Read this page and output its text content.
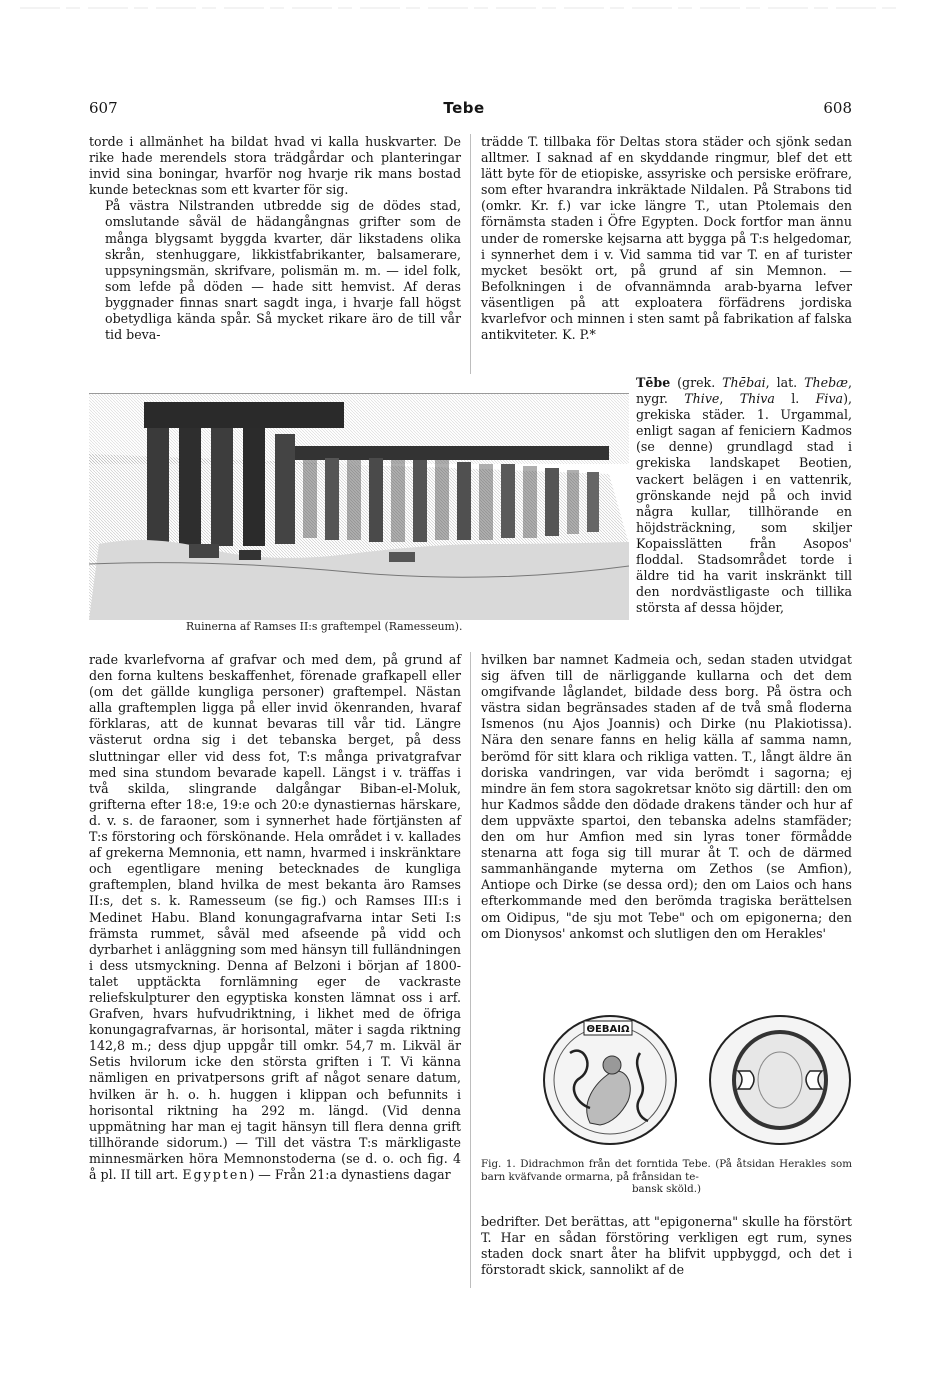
607	Tebe	608

torde i allmänhet ha bildat hvad vi kalla huskvarter. De rike hade merendels stora trädgårdar och planteringar invid sina boningar, hvarför nog hvarje rik mans bostad kunde betecknas som ett kvarter för sig.

På västra Nilstranden utbredde sig de dödes stad, omslutande såväl de hädangångnas grifter som de många blygsamt byggda kvarter, där likstadens olika skrån, stenhuggare, likkistfabrikanter, balsamerare, uppsyningsmän, skrifvare, polismän m. m. — idel folk, som lefde på döden — hade sitt hemvist. Af deras byggnader finnas snart sagdt inga, i hvarje fall högst obetydliga kända spår. Så mycket rikare äro de till vår tid beva-

trädde T. tillbaka för Deltas stora städer och sjönk sedan alltmer. I saknad af en skyddande ringmur, blef det ett lätt byte för de etiopiske, assyriske och persiske eröfrare, som efter hvarandra inkräktade Nildalen. På Strabons tid (omkr. Kr. f.) var icke längre T., utan Ptolemais den förnämsta staden i Öfre Egypten. Dock fortfor man ännu under de romerske kejsarna att bygga på T:s helgedomar, i synnerhet dem i v. Vid samma tid var T. en af turister mycket besökt ort, på grund af sin Memnon. — Befolkningen i de ofvannämnda arab-byarna lefver väsentligen på att exploatera förfädrens jordiska kvarlefvor och minnen i sten samt på fabrikation af falska antikviteter. K. P.*

Ruinerna af Ramses II:s graftempel (Ramesseum).
Tēbe (grek. Thēbai, lat. Thebæ, nygr. Thive, Thiva l. Fiva), grekiska städer. 1. Urgammal, enligt sagan af feniciern Kadmos (se denne) grundlagd stad i grekiska landskapet Beotien, vackert belägen i en vattenrik, grönskande nejd på och invid några kullar, tillhörande en höjdsträckning, som skiljer Kopaisslätten från Asopos' floddal. Stadsområdet torde i äldre tid ha varit inskränkt till den nordvästligaste och tillika största af dessa höjder,

rade kvarlefvorna af grafvar och med dem, på grund af den forna kultens beskaffenhet, förenade grafkapell eller (om det gällde kungliga personer) graftempel. Nästan alla graftemplen ligga på eller invid ökenranden, hvaraf förklaras, att de kunnat bevaras till vår tid. Längre västerut ordna sig i det tebanska berget, på dess sluttningar eller vid dess fot, T:s många privatgrafvar med sina stundom bevarade kapell. Längst i v. träffas i två skilda, slingrande dalgångar Biban-el-Moluk, grifterna efter 18:e, 19:e och 20:e dynastiernas härskare, d. v. s. de faraoner, som i synnerhet hade förtjänsten af T:s förstoring och förskönande. Hela området i v. kallades af grekerna Memnonia, ett namn, hvarmed i inskränktare och egentligare mening betecknades de kungliga graftemplen, bland hvilka de mest bekanta äro Ramses II:s, det s. k. Ramesseum (se fig.) och Ramses III:s i Medinet Habu. Bland konungagrafvarna intar Seti I:s främsta rummet, såväl med afseende på vidd och dyrbarhet i anläggning som med hänsyn till fulländningen i dess utsmyckning. Denna af Belzoni i början af 1800-talet upptäckta fornlämning eger de vackraste reliefskulpturer den egyptiska konsten lämnat oss i arf. Grafven, hvars hufvudriktning, i likhet med de öfriga konungagrafvarnas, är horisontal, mäter i sagda riktning 142,8 m.; dess djup uppgår till omkr. 54,7 m. Likväl är Setis hvilorum icke den största griften i T. Vi känna nämligen en privatpersons grift af något senare datum, hvilken är h. o. h. huggen i klippan och befunnits i horisontal riktning ha 292 m. längd. (Vid denna uppmätning har man ej tagit hänsyn till flera denna grift tillhörande sidorum.) — Till det västra T:s märkligaste minnesmärken höra Memnonstoderna (se d. o. och fig. 4 å pl. II till art. Egypten) — Från 21:a dynastiens dagar

hvilken bar namnet Kadmeia och, sedan staden utvidgat sig äfven till de närliggande kullarna och det dem omgifvande låglandet, bildade dess borg. På östra och västra sidan begränsades staden af de två små floderna Ismenos (nu Ajos Joannis) och Dirke (nu Plakiotissa). Nära den senare fanns en helig källa af samma namn, berömd för sitt klara och rikliga vatten. T., långt äldre än doriska vandringen, var vida berömdt i sagorna; ej mindre än fem stora sagokretsar knöto sig därtill: den om hur Kadmos sådde den dödade drakens tänder och hur af dem uppväxte spartoi, den tebanska adelns stamfäder; den om hur Amfion med sin lyras toner förmådde stenarna att foga sig till murar åt T. och de därmed sammanhängande myterna om Zethos (se Amfion), Antiope och Dirke (se dessa ord); den om Laios och hans efterkommande med den berömda tragiska berättelsen om Oidipus, "de sju mot Tebe" och om epigonerna; den om Dionysos' ankomst och slutligen den om Herakles'

ΘΕΒΑΙΩ
Fig. 1. Didrachmon från det forntida Tebe. (På åtsidan Herakles som barn kväfvande ormarna, på frånsidan te-
bansk sköld.)

bedrifter. Det berättas, att "epigonerna" skulle ha förstört T. Har en sådan förstöring verkligen egt rum, synes staden dock snart åter ha blifvit uppbyggd, och det i förstoradt skick, sannolikt af de
